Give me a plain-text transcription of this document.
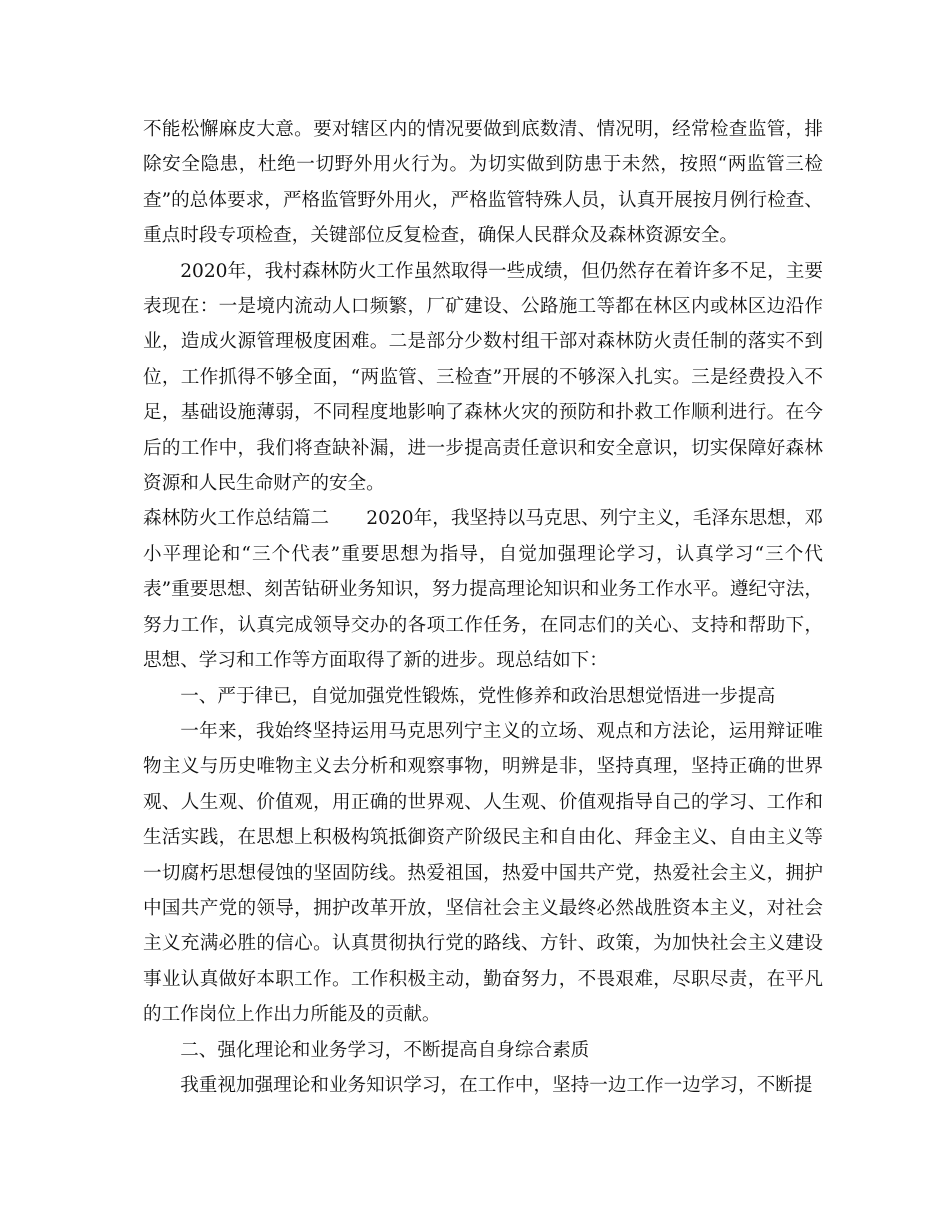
不能松懈麻皮大意。要对辖区内的情况要做到底数清、情况明，经常检查监管，排除安全隐患，杜绝一切野外用火行为。为切实做到防患于未然，按照“两监管三检查”的总体要求，严格监管野外用火，严格监管特殊人员，认真开展按月例行检查、重点时段专项检查，关键部位反复检查，确保人民群众及森林资源安全。

2020年，我村森林防火工作虽然取得一些成绩，但仍然存在着许多不足，主要表现在：一是境内流动人口频繁，厂矿建设、公路施工等都在林区内或林区边沿作业，造成火源管理极度困难。二是部分少数村组干部对森林防火责任制的落实不到位，工作抓得不够全面，“两监管、三检查”开展的不够深入扎实。三是经费投入不足，基础设施薄弱，不同程度地影响了森林火灾的预防和扑救工作顺利进行。在今后的工作中，我们将查缺补漏，进一步提高责任意识和安全意识，切实保障好森林资源和人民生命财产的安全。

森林防火工作总结篇二　　2020年，我坚持以马克思、列宁主义，毛泽东思想，邓小平理论和“三个代表”重要思想为指导，自觉加强理论学习，认真学习“三个代表”重要思想、刻苦钻研业务知识，努力提高理论知识和业务工作水平。遵纪守法，努力工作，认真完成领导交办的各项工作任务，在同志们的关心、支持和帮助下，思想、学习和工作等方面取得了新的进步。现总结如下：

一、严于律已，自觉加强党性锻炼，党性修养和政治思想觉悟进一步提高

一年来，我始终坚持运用马克思列宁主义的立场、观点和方法论，运用辩证唯物主义与历史唯物主义去分析和观察事物，明辨是非，坚持真理，坚持正确的世界观、人生观、价值观，用正确的世界观、人生观、价值观指导自己的学习、工作和生活实践，在思想上积极构筑抵御资产阶级民主和自由化、拜金主义、自由主义等一切腐朽思想侵蚀的坚固防线。热爱祖国，热爱中国共产党，热爱社会主义，拥护中国共产党的领导，拥护改革开放，坚信社会主义最终必然战胜资本主义，对社会主义充满必胜的信心。认真贯彻执行党的路线、方针、政策，为加快社会主义建设事业认真做好本职工作。工作积极主动，勤奋努力，不畏艰难，尽职尽责，在平凡的工作岗位上作出力所能及的贡献。

二、强化理论和业务学习，不断提高自身综合素质

我重视加强理论和业务知识学习，在工作中，坚持一边工作一边学习，不断提
